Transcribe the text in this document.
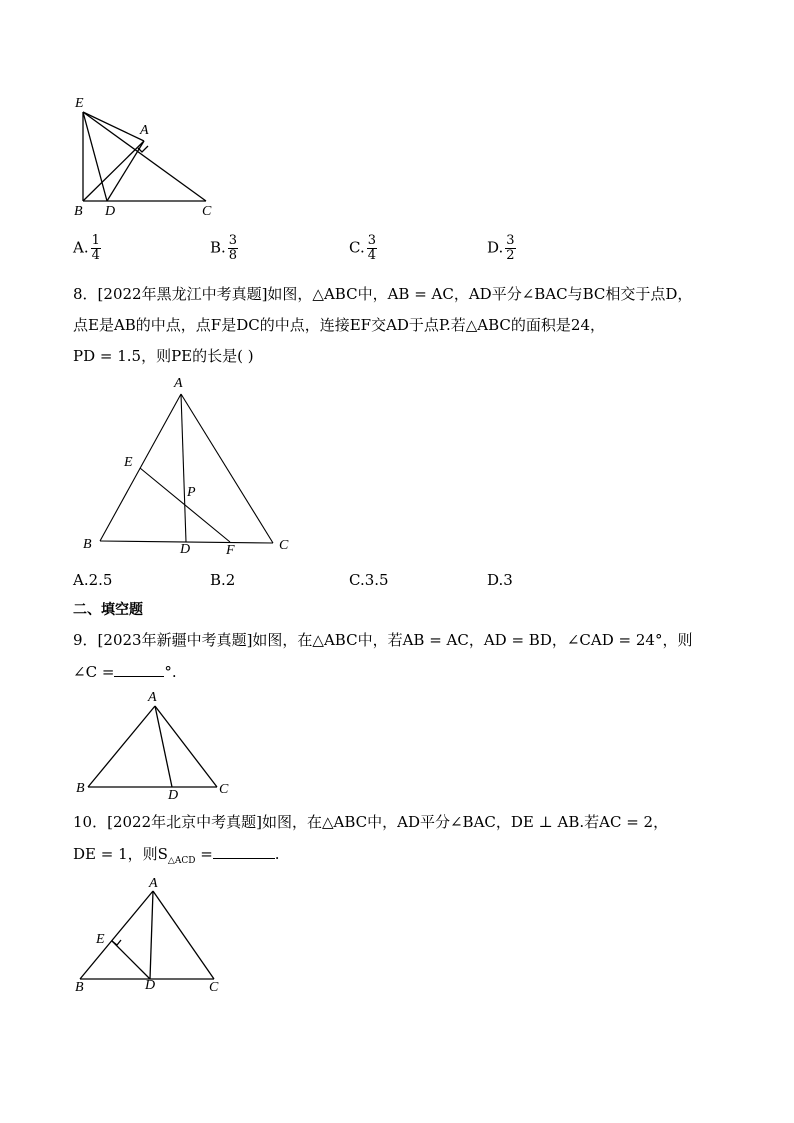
E
A
B D	C
A. $\frac{1}{4}$	B. $\frac{3}{8}$	C. $\frac{3}{4}$	D. $\frac{3}{2}$
8．[2022年黑龙江中考真题]如图，△ABC中，AB = AC，AD平分∠BAC与BC相交于点D，
点E是AB的中点，点F是DC的中点，连接EF交AD于点P.若△ABC的面积是24，
PD = 1.5，则PE的长是( )
A
E
P
B	D	F	C
A.2.5	B.2	C.3.5	D.3
二、填空题
9．[2023年新疆中考真题]如图，在△ABC中，若AB = AC，AD = BD，∠CAD = 24°，则
∠C =	°.
A
B	D	C
10．[2022年北京中考真题]如图，在△ABC中，AD平分∠BAC，DE ⊥ AB.若AC = 2，
DE = 1，则$S_{\triangle ACD}$ =	.
A
E
B	D	C
